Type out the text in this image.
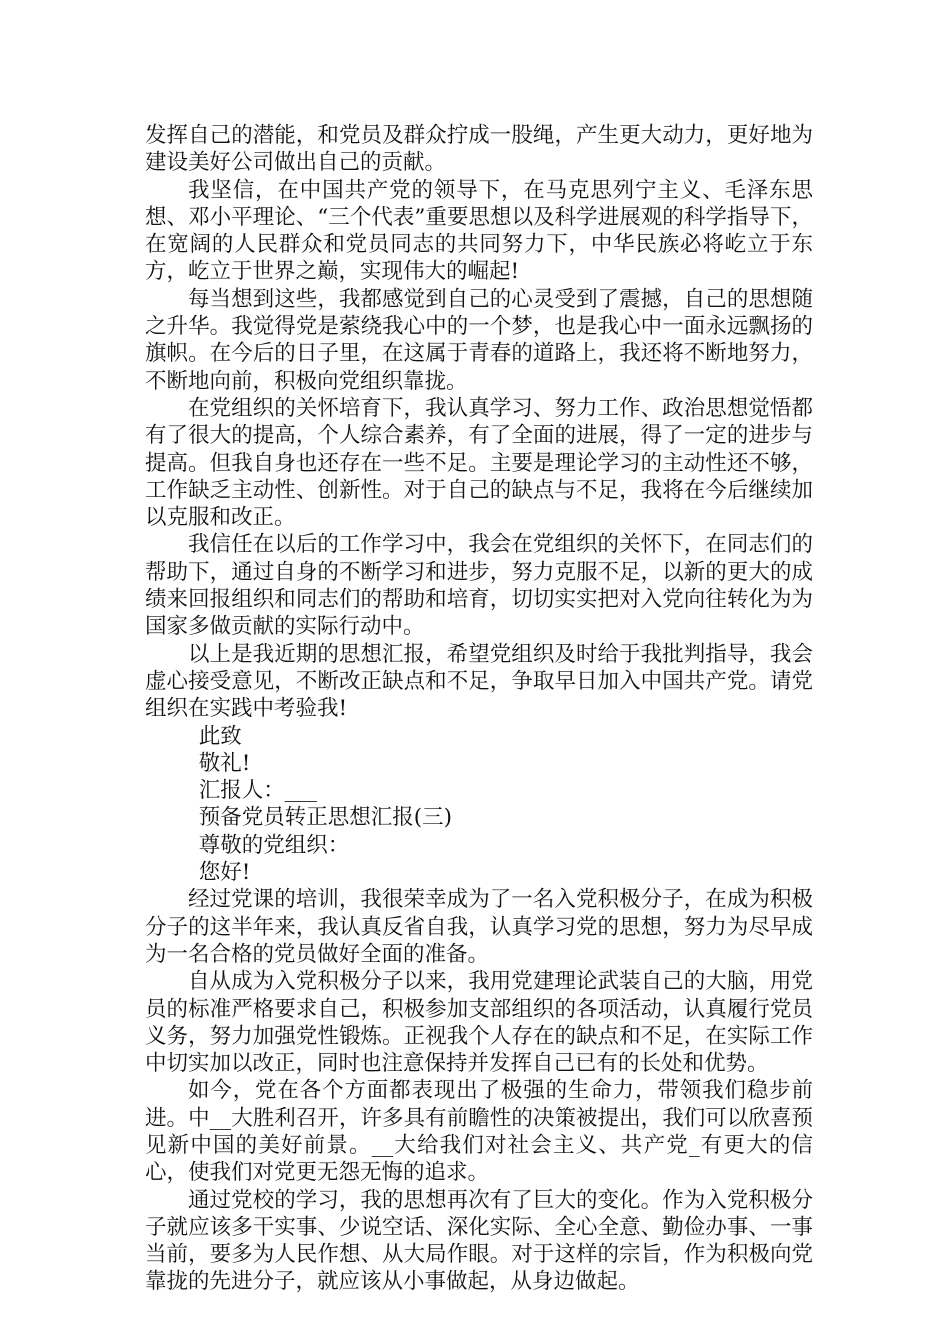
发挥自己的潜能，和党员及群众拧成一股绳，产生更大动力，更好地为建设美好公司做出自己的贡献。

我坚信，在中国共产党的领导下，在马克思列宁主义、毛泽东思想、邓小平理论、“三个代表”重要思想以及科学进展观的科学指导下，在宽阔的人民群众和党员同志的共同努力下，中华民族必将屹立于东方，屹立于世界之巅，实现伟大的崛起!

每当想到这些，我都感觉到自己的心灵受到了震撼，自己的思想随之升华。我觉得党是萦绕我心中的一个梦，也是我心中一面永远飘扬的旗帜。在今后的日子里，在这属于青春的道路上，我还将不断地努力，不断地向前，积极向党组织靠拢。

在党组织的关怀培育下，我认真学习、努力工作、政治思想觉悟都有了很大的提高，个人综合素养，有了全面的进展，得了一定的进步与提高。但我自身也还存在一些不足。主要是理论学习的主动性还不够，工作缺乏主动性、创新性。对于自己的缺点与不足，我将在今后继续加以克服和改正。

我信任在以后的工作学习中，我会在党组织的关怀下，在同志们的帮助下，通过自身的不断学习和进步，努力克服不足，以新的更大的成绩来回报组织和同志们的帮助和培育，切切实实把对入党向往转化为为国家多做贡献的实际行动中。

以上是我近期的思想汇报，希望党组织及时给于我批判指导，我会虚心接受意见，不断改正缺点和不足，争取早日加入中国共产党。请党组织在实践中考验我!

此致

敬礼!

汇报人：___

预备党员转正思想汇报(三)

尊敬的党组织：

您好!

经过党课的培训，我很荣幸成为了一名入党积极分子，在成为积极分子的这半年来，我认真反省自我，认真学习党的思想，努力为尽早成为一名合格的党员做好全面的准备。

自从成为入党积极分子以来，我用党建理论武装自己的大脑，用党员的标准严格要求自己，积极参加支部组织的各项活动，认真履行党员义务，努力加强党性锻炼。正视我个人存在的缺点和不足，在实际工作中切实加以改正，同时也注意保持并发挥自己已有的长处和优势。

如今，党在各个方面都表现出了极强的生命力，带领我们稳步前进。中__大胜利召开，许多具有前瞻性的决策被提出，我们可以欣喜预见新中国的美好前景。__大给我们对社会主义、共产党_有更大的信心，使我们对党更无怨无悔的追求。

通过党校的学习，我的思想再次有了巨大的变化。作为入党积极分子就应该多干实事、少说空话、深化实际、全心全意、勤俭办事、一事当前，要多为人民作想、从大局作眼。对于这样的宗旨，作为积极向党靠拢的先进分子，就应该从小事做起，从身边做起。
